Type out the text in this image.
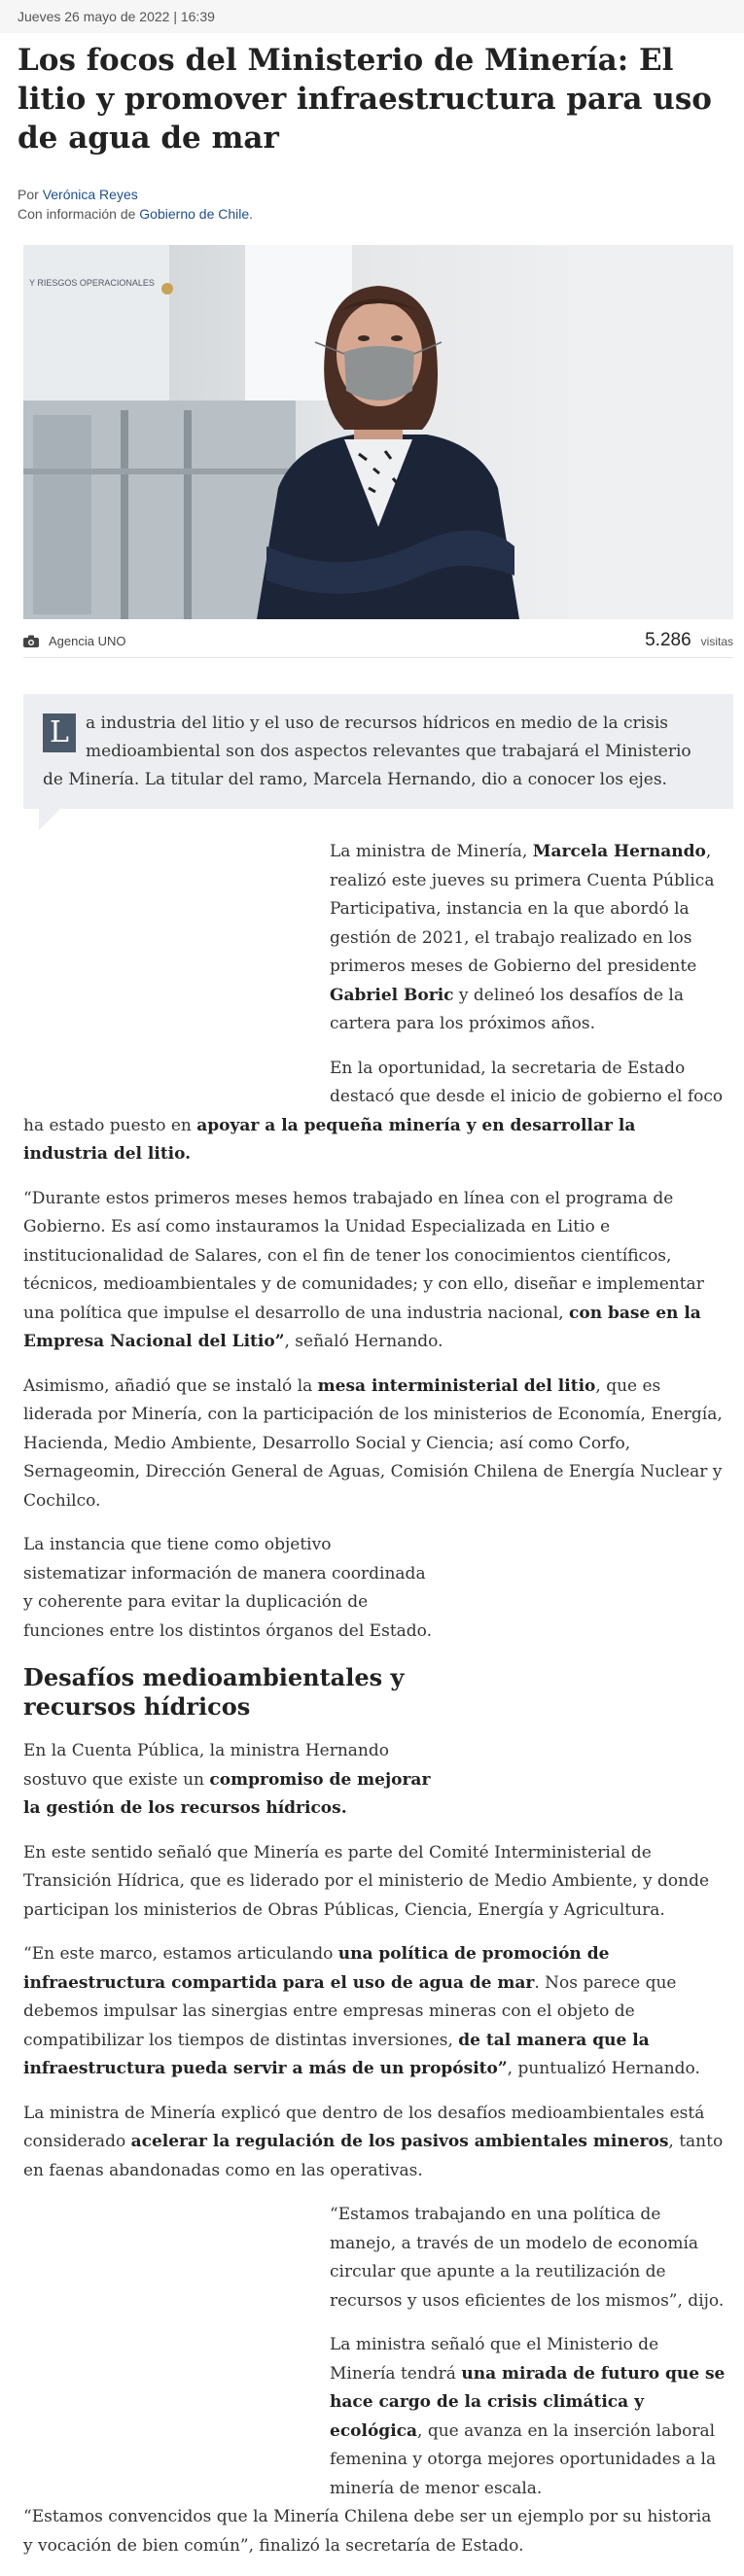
Jueves 26 mayo de 2022 | 16:39
Los focos del Ministerio de Minería: El litio y promover infraestructura para uso de agua de mar
Por Verónica Reyes
Con información de Gobierno de Chile.
Y RIESGOS OPERACIONALES
Agencia UNO	5.286 visitas
L	a industria del litio y el uso de recursos hídricos en medio de la crisis medioambiental son dos aspectos relevantes que trabajará el Ministerio de Minería. La titular del ramo, Marcela Hernando, dio a conocer los ejes.

La ministra de Minería, Marcela Hernando, realizó este jueves su primera Cuenta Pública Participativa, instancia en la que abordó la gestión de 2021, el trabajo realizado en los primeros meses de Gobierno del presidente Gabriel Boric y delineó los desafíos de la cartera para los próximos años.

En la oportunidad, la secretaria de Estado

destacó que desde el inicio de gobierno el foco ha estado puesto en apoyar a la pequeña minería y en desarrollar la industria del litio.

“Durante estos primeros meses hemos trabajado en línea con el programa de Gobierno. Es así como instauramos la Unidad Especializada en Litio e institucionalidad de Salares, con el fin de tener los conocimientos científicos, técnicos, medioambientales y de comunidades; y con ello, diseñar e implementar una política que impulse el desarrollo de una industria nacional, con base en la Empresa Nacional del Litio”, señaló Hernando.

Asimismo, añadió que se instaló la mesa interministerial del litio, que es liderada por Minería, con la participación de los ministerios de Economía, Energía, Hacienda, Medio Ambiente, Desarrollo Social y Ciencia; así como Corfo, Sernageomin, Dirección General de Aguas, Comisión Chilena de Energía Nuclear y Cochilco.

La instancia que tiene como objetivo sistematizar información de manera coordinada y coherente para evitar la duplicación de funciones entre los distintos órganos del Estado.

Desafíos medioambientales y recursos hídricos

En la Cuenta Pública, la ministra Hernando sostuvo que existe un compromiso de mejorar la gestión de los recursos hídricos.

En este sentido señaló que Minería es parte del Comité Interministerial de Transición Hídrica, que es liderado por el ministerio de Medio Ambiente, y donde participan los ministerios de Obras Públicas, Ciencia, Energía y Agricultura.

“En este marco, estamos articulando una política de promoción de infraestructura compartida para el uso de agua de mar. Nos parece que debemos impulsar las sinergias entre empresas mineras con el objeto de compatibilizar los tiempos de distintas inversiones, de tal manera que la infraestructura pueda servir a más de un propósito”, puntualizó Hernando.

La ministra de Minería explicó que dentro de los desafíos medioambientales está considerado acelerar la regulación de los pasivos ambientales mineros, tanto en faenas abandonadas como en las operativas.

“Estamos trabajando en una política de manejo, a través de un modelo de economía circular que apunte a la reutilización de recursos y usos eficientes de los mismos”, dijo.

La ministra señaló que el Ministerio de Minería tendrá una mirada de futuro que se hace cargo de la crisis climática y ecológica, que avanza en la inserción laboral femenina y otorga mejores oportunidades a la minería de menor escala.

“Estamos convencidos que la Minería Chilena debe ser un ejemplo por su historia y vocación de bien común”, finalizó la secretaría de Estado.
